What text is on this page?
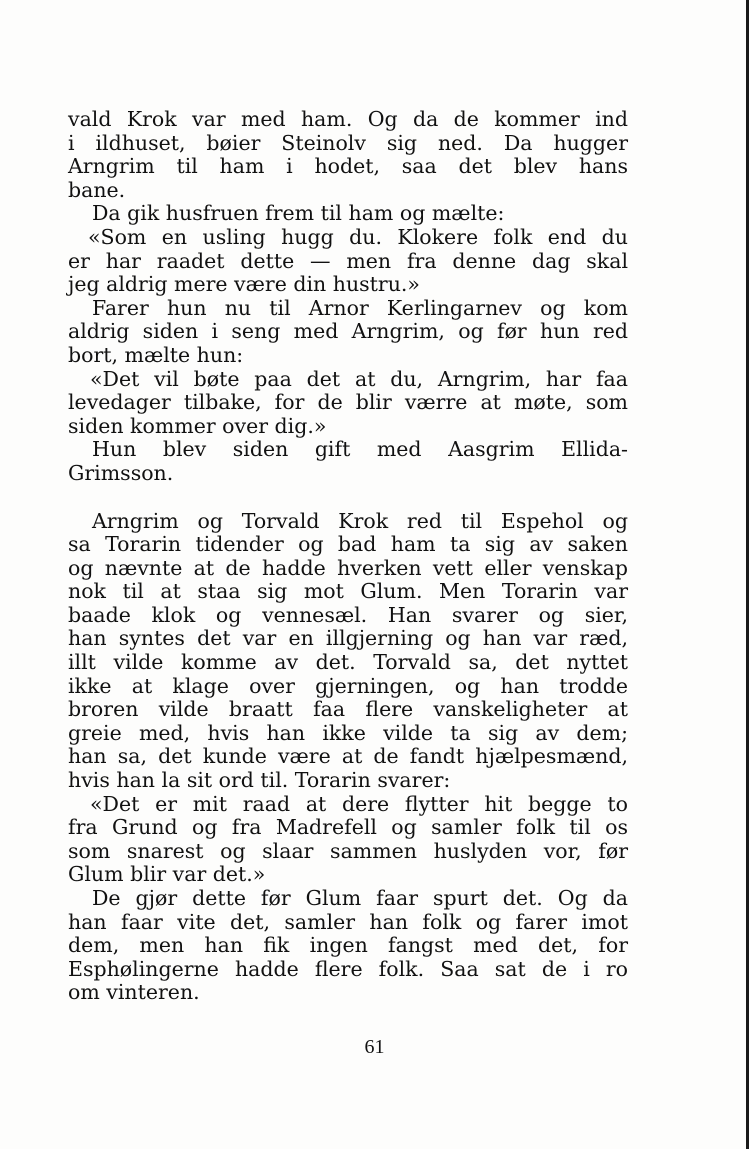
vald Krok var med ham. Og da de kommer ind
i ildhuset, bøier Steinolv sig ned. Da hugger
Arngrim til ham i hodet, saa det blev hans
bane.

Da gik husfruen frem til ham og mælte:

«Som en usling hugg du. Klokere folk end du
er har raadet dette — men fra denne dag skal
jeg aldrig mere være din hustru.»

Farer hun nu til Arnor Kerlingarnev og kom
aldrig siden i seng med Arngrim, og før hun red
bort, mælte hun:

«Det vil bøte paa det at du, Arngrim, har faa
levedager tilbake, for de blir værre at møte, som
siden kommer over dig.»

Hun blev siden gift med Aasgrim Ellida-
Grimsson.

Arngrim og Torvald Krok red til Espehol og
sa Torarin tidender og bad ham ta sig av saken
og nævnte at de hadde hverken vett eller venskap
nok til at staa sig mot Glum. Men Torarin var
baade klok og vennesæl. Han svarer og sier,
han syntes det var en illgjerning og han var ræd,
illt vilde komme av det. Torvald sa, det nyttet
ikke at klage over gjerningen, og han trodde
broren vilde braatt faa flere vanskeligheter at
greie med, hvis han ikke vilde ta sig av dem;
han sa, det kunde være at de fandt hjælpesmænd,
hvis han la sit ord til. Torarin svarer:

«Det er mit raad at dere flytter hit begge to
fra Grund og fra Madrefell og samler folk til os
som snarest og slaar sammen huslyden vor, før
Glum blir var det.»

De gjør dette før Glum faar spurt det. Og da
han faar vite det, samler han folk og farer imot
dem, men han fik ingen fangst med det, for
Esphølingerne hadde flere folk. Saa sat de i ro
om vinteren.

61
